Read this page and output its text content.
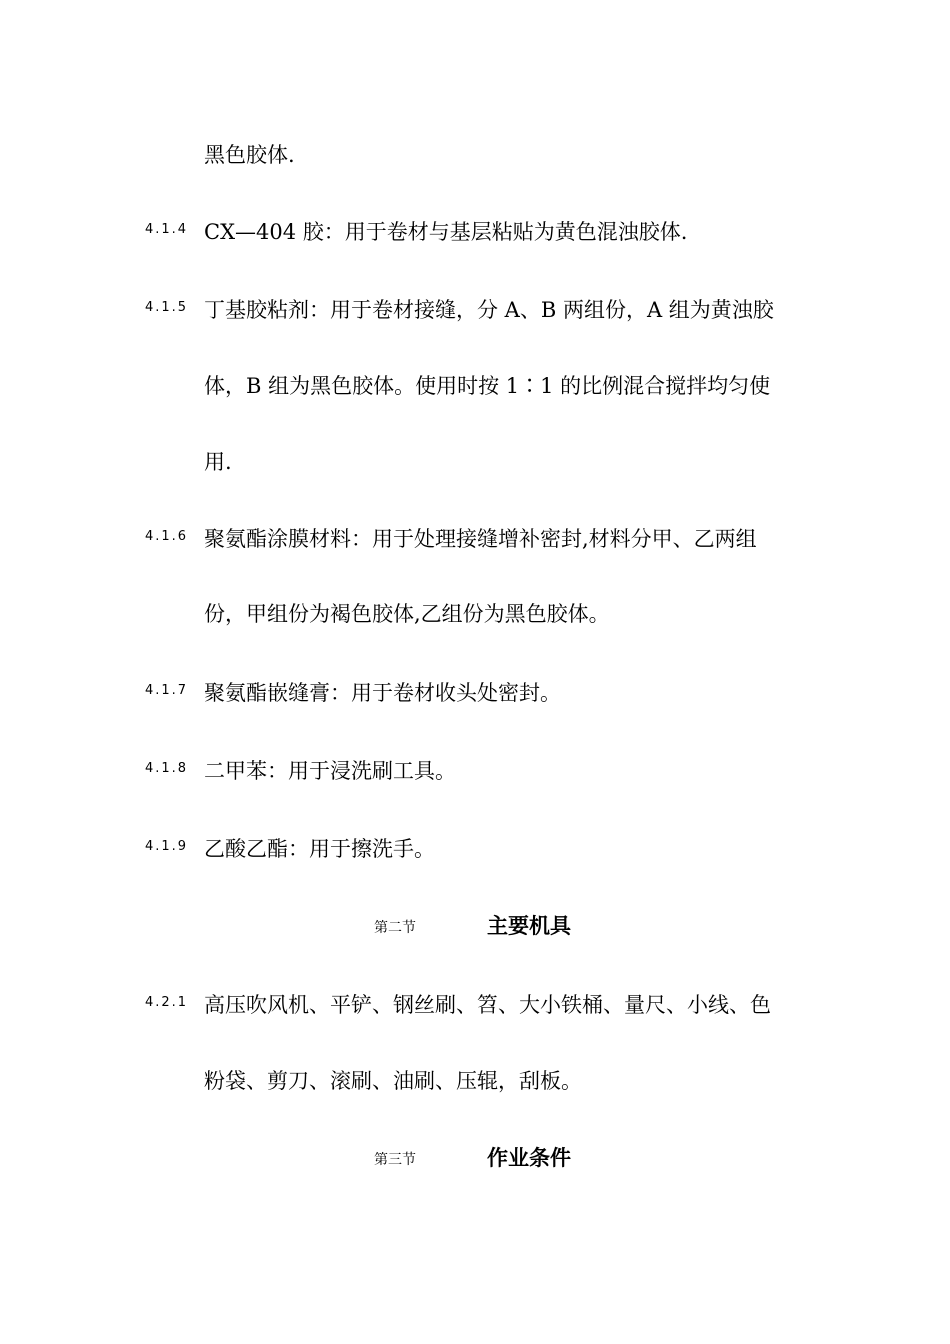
黑色胶体.
4.1.4 CX—404 胶：用于卷材与基层粘贴为黄色混浊胶体.
4.1.5 丁基胶粘剂：用于卷材接缝，分 A、B 两组份，A 组为黄浊胶
体，B 组为黑色胶体。使用时按 1∶1 的比例混合搅拌均匀使
用.
4.1.6 聚氨酯涂膜材料：用于处理接缝增补密封,材料分甲、乙两组
份，甲组份为褐色胶体,乙组份为黑色胶体。
4.1.7 聚氨酯嵌缝膏：用于卷材收头处密封。
4.1.8 二甲苯：用于浸洗刷工具。
4.1.9 乙酸乙酯：用于擦洗手。
第二节	主要机具
4.2.1 高压吹风机、平铲、钢丝刷、笤、大小铁桶、量尺、小线、色
粉袋、剪刀、滚刷、油刷、压辊，刮板。
第三节	作业条件
